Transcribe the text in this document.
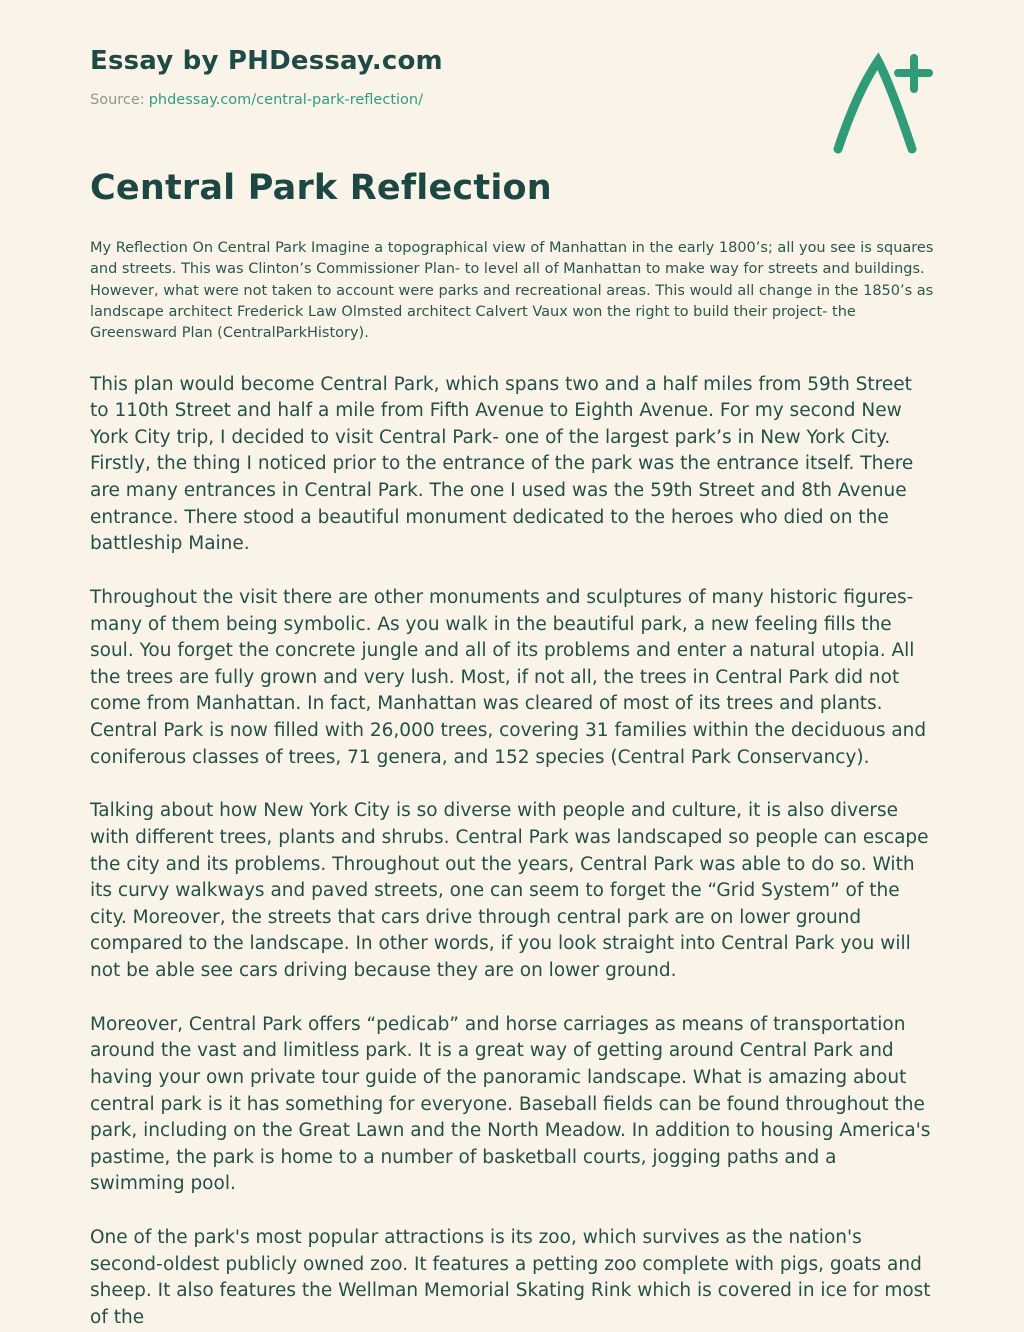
Essay by PHDessay.com
Source: phdessay.com/central-park-reflection/
Central Park Reflection

My Reflection On Central Park Imagine a topographical view of Manhattan in the early 1800’s; all you see is squares and streets. This was Clinton’s Commissioner Plan- to level all of Manhattan to make way for streets and buildings. However, what were not taken to account were parks and recreational areas. This would all change in the 1850’s as landscape architect Frederick Law Olmsted architect Calvert Vaux won the right to build their project- the Greensward Plan (CentralParkHistory).

This plan would become Central Park, which spans two and a half miles from 59th Street to 110th Street and half a mile from Fifth Avenue to Eighth Avenue. For my second New York City trip, I decided to visit Central Park- one of the largest park’s in New York City. Firstly, the thing I noticed prior to the entrance of the park was the entrance itself. There are many entrances in Central Park. The one I used was the 59th Street and 8th Avenue entrance. There stood a beautiful monument dedicated to the heroes who died on the battleship Maine.

Throughout the visit there are other monuments and sculptures of many historic figures- many of them being symbolic. As you walk in the beautiful park, a new feeling fills the soul. You forget the concrete jungle and all of its problems and enter a natural utopia. All the trees are fully grown and very lush. Most, if not all, the trees in Central Park did not come from Manhattan. In fact, Manhattan was cleared of most of its trees and plants. Central Park is now filled with 26,000 trees, covering 31 families within the deciduous and coniferous classes of trees, 71 genera, and 152 species (Central Park Conservancy).

Talking about how New York City is so diverse with people and culture, it is also diverse with different trees, plants and shrubs. Central Park was landscaped so people can escape the city and its problems. Throughout out the years, Central Park was able to do so. With its curvy walkways and paved streets, one can seem to forget the “Grid System” of the city. Moreover, the streets that cars drive through central park are on lower ground compared to the landscape. In other words, if you look straight into Central Park you will not be able see cars driving because they are on lower ground.

Moreover, Central Park offers “pedicab” and horse carriages as means of transportation around the vast and limitless park. It is a great way of getting around Central Park and having your own private tour guide of the panoramic landscape. What is amazing about central park is it has something for everyone. Baseball fields can be found throughout the park, including on the Great Lawn and the North Meadow. In addition to housing America's pastime, the park is home to a number of basketball courts, jogging paths and a swimming pool.

One of the park's most popular attractions is its zoo, which survives as the nation's second-oldest publicly owned zoo. It features a petting zoo complete with pigs, goats and sheep. It also features the Wellman Memorial Skating Rink which is covered in ice for most of the
